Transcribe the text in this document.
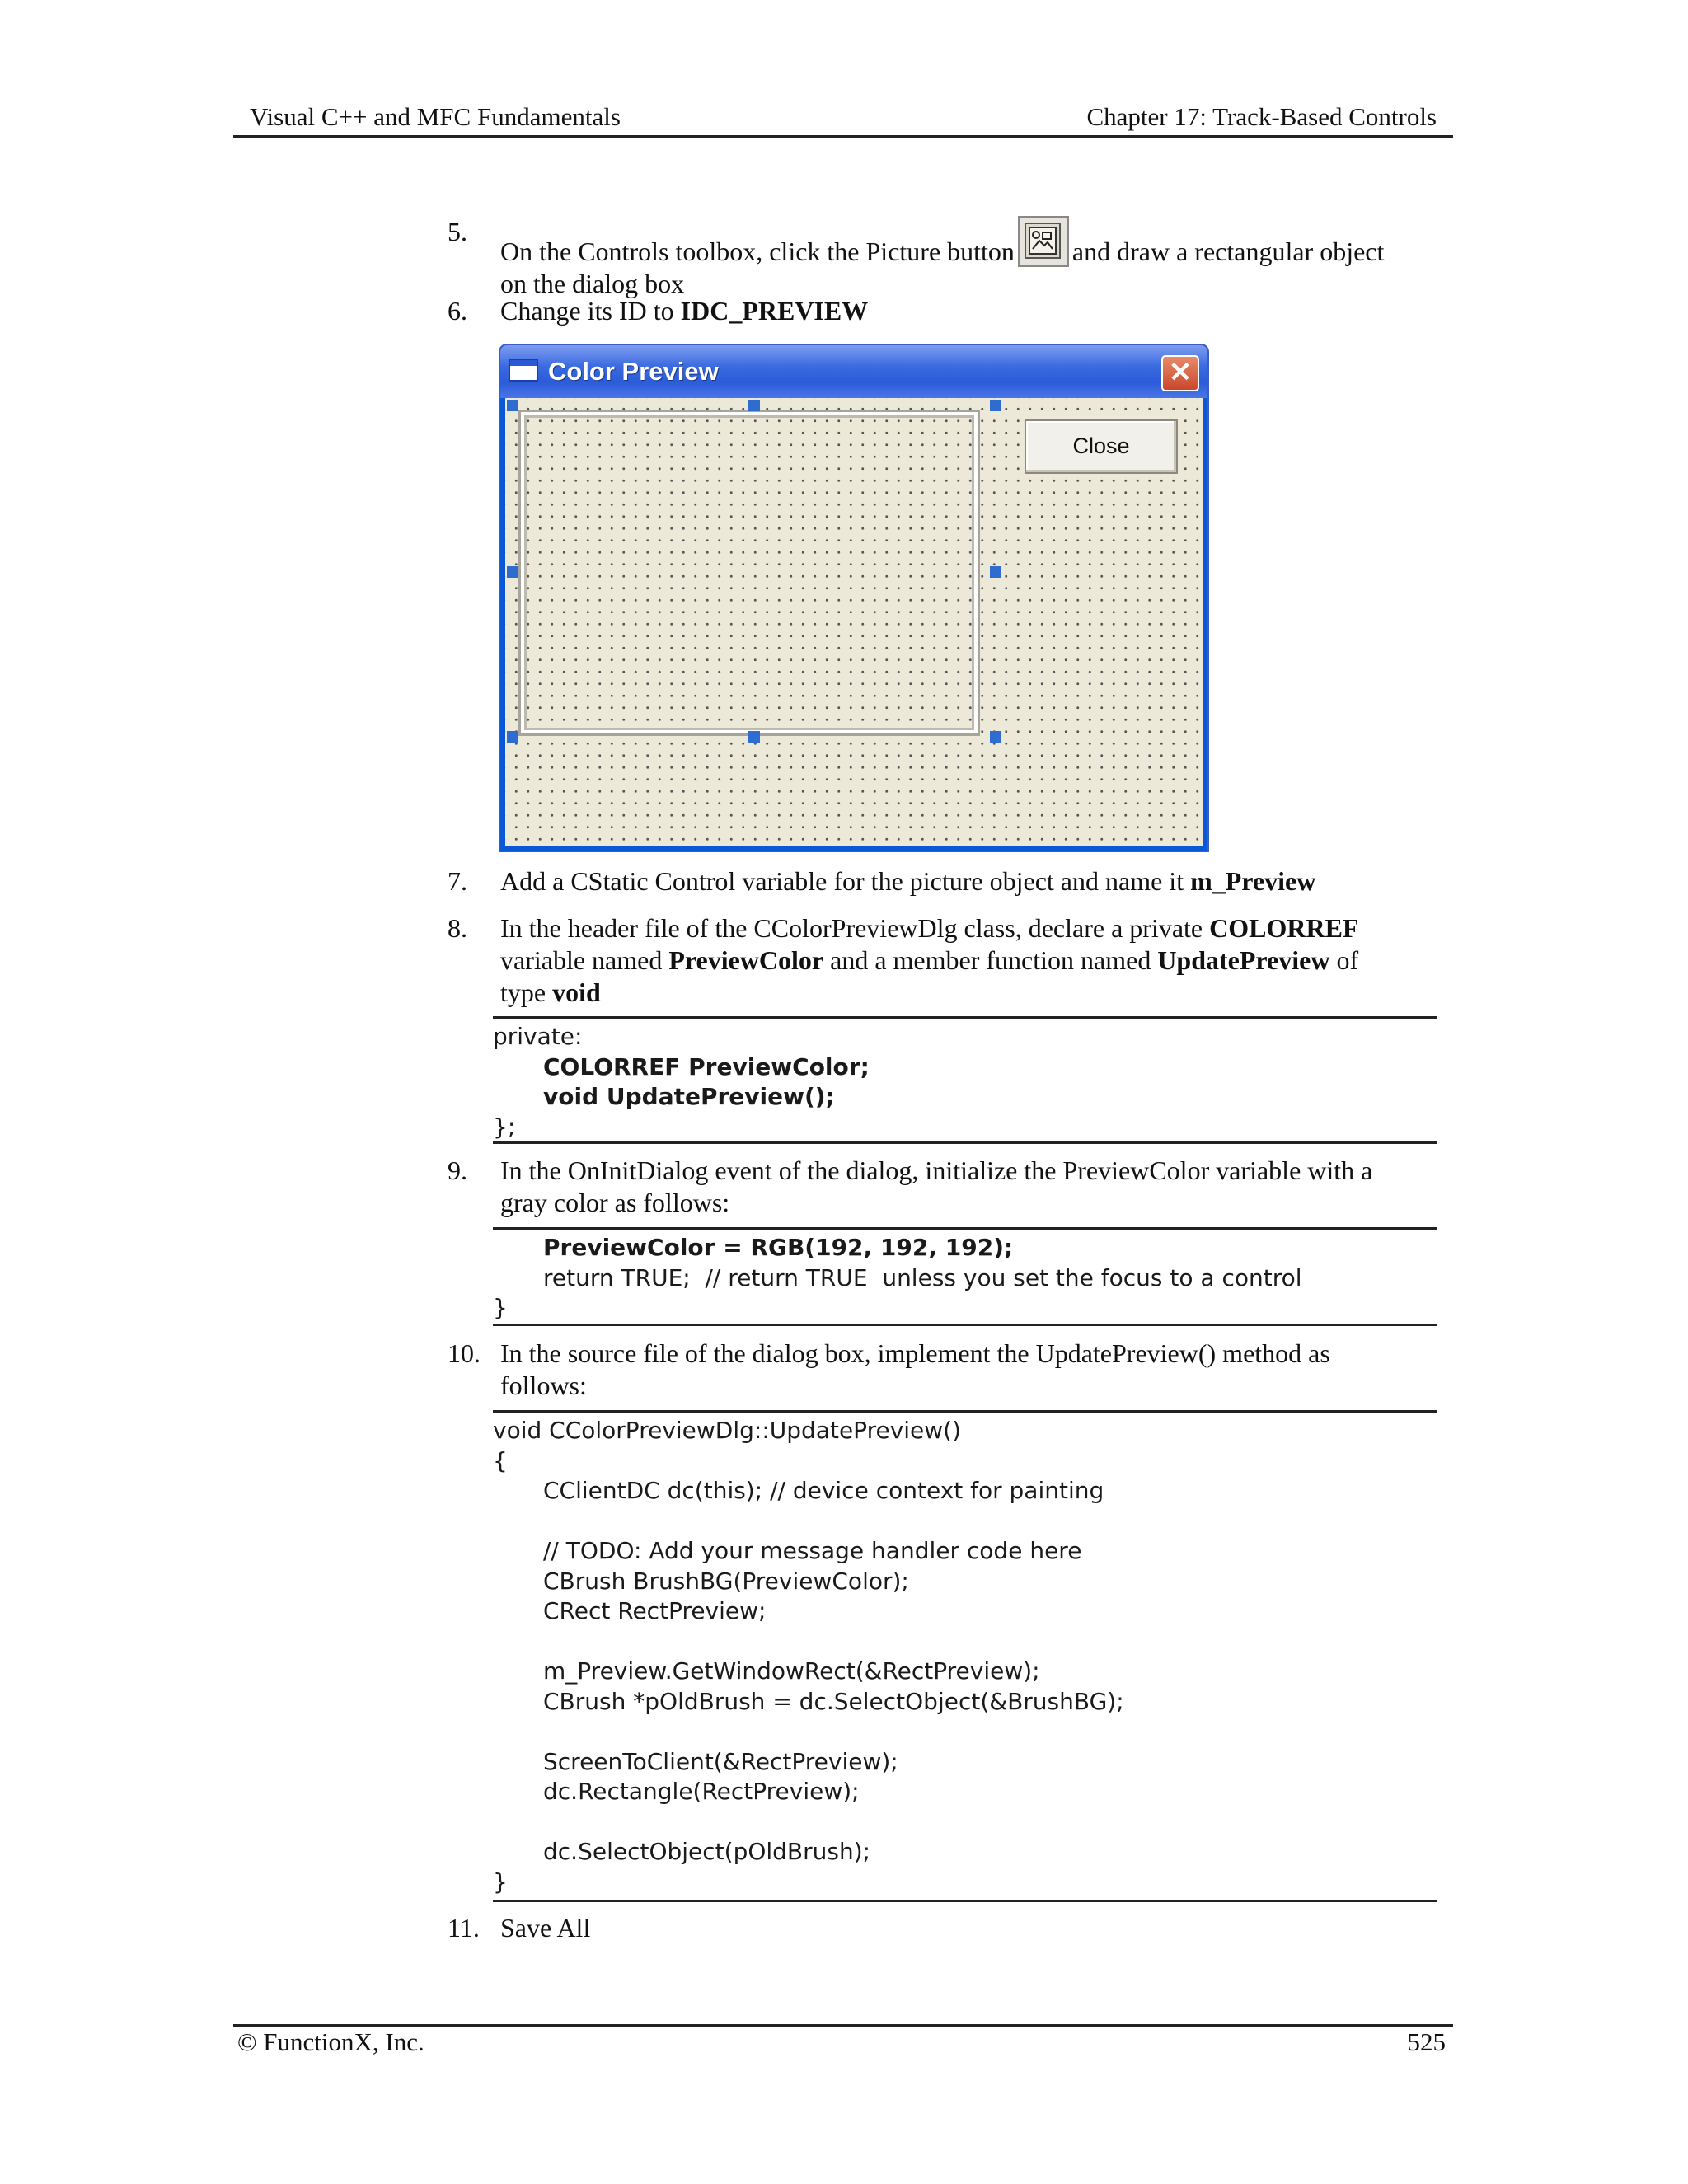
Visual C++ and MFC Fundamentals	Chapter 17: Track-Based Controls
5.
On the Controls toolbox, click the Picture button and draw a rectangular object
on the dialog box
6.	Change its ID to IDC_PREVIEW
Color Preview	✕
Close
7.	Add a CStatic Control variable for the picture object and name it m_Preview
8.	In the header file of the CColorPreviewDlg class, declare a private COLORREF
variable named PreviewColor and a member function named UpdatePreview of
type void
private:
COLORREF PreviewColor;
void UpdatePreview();
};
9.	In the OnInitDialog event of the dialog, initialize the PreviewColor variable with a
gray color as follows:
PreviewColor = RGB(192, 192, 192);
return TRUE;  // return TRUE  unless you set the focus to a control
}
10. In the source file of the dialog box, implement the UpdatePreview() method as
follows:
void CColorPreviewDlg::UpdatePreview()
{
CClientDC dc(this); // device context for painting
// TODO: Add your message handler code here
CBrush BrushBG(PreviewColor);
CRect RectPreview;
m_Preview.GetWindowRect(&RectPreview);
CBrush *pOldBrush = dc.SelectObject(&BrushBG);
ScreenToClient(&RectPreview);
dc.Rectangle(RectPreview);
dc.SelectObject(pOldBrush);
}
11. Save All
© FunctionX, Inc.	525
